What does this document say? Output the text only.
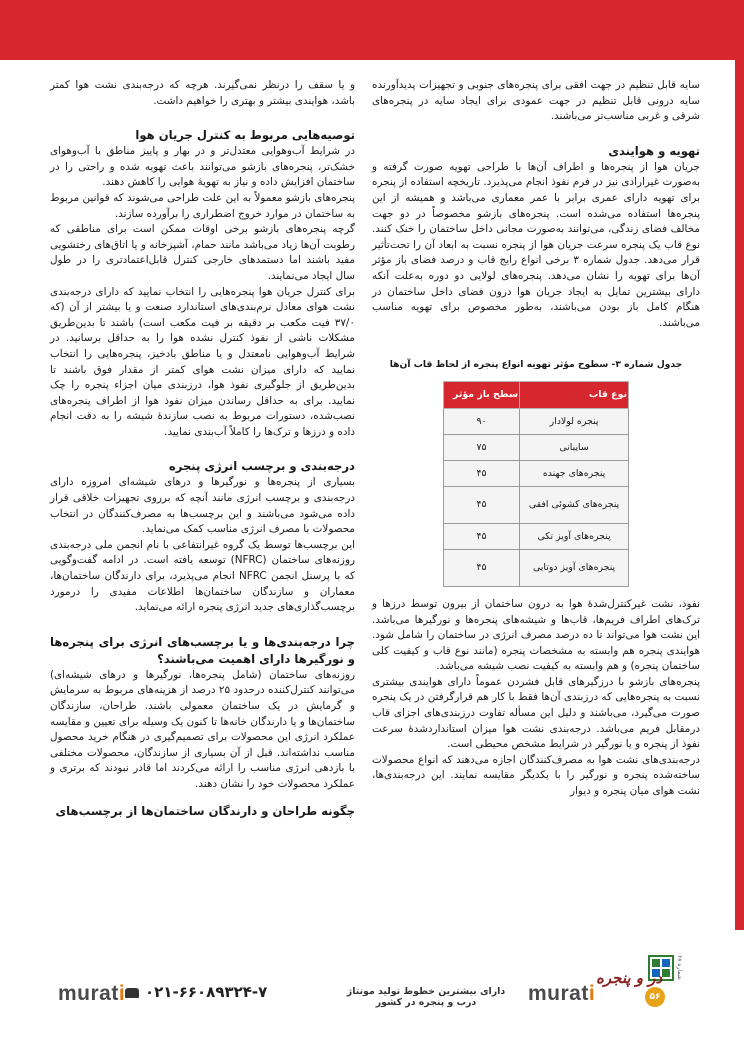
سایه قابل تنظیم در جهت افقی برای پنجره‌های جنوبی و تجهیزات پدیدآورنده سایه درونی قابل تنظیم در جهت عمودی برای ایجاد سایه در پنجره‌های شرقی و غربی مناسب‌تر می‌باشند.

تهویه و هوایندی

جریان هوا از پنجره‌ها و اطراف آن‌ها با طراحی تهویه صورت گرفته و به‌صورت غیرارادی نیز در فرم نفوذ انجام می‌پذیرد. تاریخچه استفاده از پنجره برای تهویه دارای عمری برابر با عمر معماری می‌باشد و همیشه از این پنجره‌ها استفاده می‌شده است. پنجره‌های بازشو مخصوصاً در دو جهت مخالف فضای زندگی، می‌توانند به‌صورت مجانی داخل ساختمان را خنک کنند. نوع قاب یک پنجره سرعت جریان هوا از پنجره نسبت به ابعاد آن را تحت‌تأثیر قرار می‌دهد. جدول شماره ۳ برخی انواع رایج قاب و درصد فضای باز مؤثر آن‌ها برای تهویه را نشان می‌دهد. پنجره‌های لولایی دو دوره به‌علت آنکه دارای بیشترین تمایل به ایجاد جریان هوا درون فضای داخل ساختمان در هنگام کامل باز بودن می‌باشند، به‌طور مخصوص برای تهویه مناسب می‌باشند.

جدول شماره ۳- سطوح مؤثر تهویه انواع پنجره از لحاظ قاب آن‌ها
نوع قاب	سطح باز مؤثر
پنجره لولادار	۹۰
سایبانی	۷۵
پنجره‌های جهنده	۴۵
پنجره‌های کشوئی افقی	۴۵
پنجره‌های آویز تکی	۴۵
پنجره‌های آویز دوتایی	۴۵

نفوذ، نشت غیرکنترل‌شدهٔ هوا به درون ساختمان از بیرون توسط درزها و ترک‌های اطراف فریم‌ها، قاب‌ها و شیشه‌های پنجره‌ها و نورگیرها می‌باشد. این نشت هوا می‌تواند تا ده درصد مصرف انرژی در ساختمان را شامل شود. هوایندی پنجره هم وابسته به مشخصات پنجره (مانند نوع قاب و کیفیت کلی ساختمان پنجره) و هم وابسته به کیفیت نصب شیشه می‌باشد.

پنجره‌های بازشو با درزگیرهای قابل فشردن عموماً دارای هوایندی بیشتری نسبت به پنجره‌هایی که درزبندی آن‌ها فقط با کار هم قرارگرفتن در یک پنجره صورت می‌گیرد، می‌باشند و دلیل این مسأله تفاوت درزبندی‌های اجزای قاب درمقابل فریم می‌باشد. درجه‌بندی نشت هوا میزان استانداردشدهٔ سرعت نفوذ از پنجره و یا نورگیر در شرایط مشخص محیطی است.

درجه‌بندی‌های نشت هوا به مصرف‌کنندگان اجازه می‌دهند که انواع محصولات ساخته‌شده پنجره و نورگیر را با یکدیگر مقایسه نمایند. این درجه‌بندی‌ها، نشت هوای میان پنجره و دیوار

و یا سقف را درنظر نمی‌گیرند. هرچه که درجه‌بندی نشت هوا کمتر باشد، هوایندی بیشتر و بهتری را خواهیم داشت.

توصیه‌هایی مربوط به کنترل جریان هوا

در شرایط آب‌وهوایی معتدل‌تر و در بهار و پاییز مناطق با آب‌وهوای خشک‌تر، پنجره‌های بازشو می‌توانند باعث تهویه شده و راحتی را در ساختمان افزایش داده و نیاز به تهویهٔ هوایی را کاهش دهند.

پنجره‌های بازشو معمولاً به این علت طراحی می‌شوند که قوانین مربوط به ساختمان در موارد خروج اضطراری را برآورده سازند.

گرچه پنجره‌های بازشو برخی اوقات ممکن است برای مناطقی که رطوبت آن‌ها زیاد می‌باشد مانند حمام، آشپزخانه و یا اتاق‌های رختشویی مفید باشند اما دستمدهای خارجی کنترل قابل‌اعتمادتری را در طول سال ایجاد می‌نمایند.

برای کنترل جریان هوا پنجره‌هایی را انتخاب نمایید که دارای درجه‌بندی نشت هوای معادل نرم‌بندی‌های استاندارد صنعت و یا بیشتر از آن (که ۳۷/۰ فیت مکعب بر دقیقه بر فیت مکعب است) باشند تا بدین‌طریق مشکلات ناشی از نفوذ کنترل نشده هوا را به حداقل برسانید. در شرایط آب‌وهوایی نامعتدل و یا مناطق بادخیز، پنجره‌هایی را انتخاب نمایید که دارای میزان نشت هوای کمتر از مقدار فوق باشند تا بدین‌طریق از جلوگیری نفوذ هوا، درزبندی میان اجزاء پنجره را چک نمایید. برای به حداقل رساندن میزان نفوذ هوا از اطراف پنجره‌های نصب‌شده، دستورات مربوط به نصب سازندهٔ شیشه را به دقت انجام داده و درزها و ترک‌ها را کاملاً آب‌بندی نمایید.

درجه‌بندی و برچسب انرژی پنجره

بسیاری از پنجره‌ها و نورگیرها و درهای شیشه‌ای امروزه دارای درجه‌بندی و برچسب انرژی مانند آنچه که برروی تجهیزات خلاقی قرار داده می‌شود می‌باشند و این برچسب‌ها به مصرف‌کنندگان در انتخاب محصولات با مصرف انرژی مناسب کمک می‌نماید.

این برچسب‌ها توسط یک گروه غیرانتفاعی با نام انجمن ملی درجه‌بندی روزنه‌های ساختمان (NFRC) توسعه یافته است. در ادامه گفت‌وگویی که با پرسنل انجمن NFRC انجام می‌پذیرد، برای دارندگان ساختمان‌ها، معماران و سازندگان ساختمان‌ها اطلاعات مفیدی را درمورد برچسب‌گذاری‌های جدید انرژی پنجره ارائه می‌نماید.

چرا درجه‌بندی‌ها و یا برچسب‌های انرژی برای پنجره‌ها و نورگیرها دارای اهمیت می‌باشند؟

روزنه‌های ساختمان (شامل پنجره‌ها، نورگیرها و درهای شیشه‌ای) می‌توانند کنترل‌کننده درحدود ۲۵ درصد از هزینه‌های مربوط به سرمایش و گرمایش در یک ساختمان معمولی باشند. طراحان، سازندگان ساختمان‌ها و یا دارندگان خانه‌ها تا کنون یک وسیله برای تعیین و مقایسه عملکرد انرژی این محصولات برای تصمیم‌گیری در هنگام خرید محصول مناسب نداشته‌اند. قبل از آن بسیاری از سازندگان، محصولات مختلفی با بازدهی انرژی مناسب را ارائه می‌کردند اما قادر نبودند که برتری و عملکرد محصولات خود را نشان دهند.

چگونه طراحان و دارندگان ساختمان‌ها از برچسب‌های
murati ۰۲۱-۶۶۰۸۹۳۲۴-۷	دارای بیشترین خطوط تولید مونتاژ درب و پنجره در کشور	murati	۵۶
در و پنجره
شماره ۶۸
